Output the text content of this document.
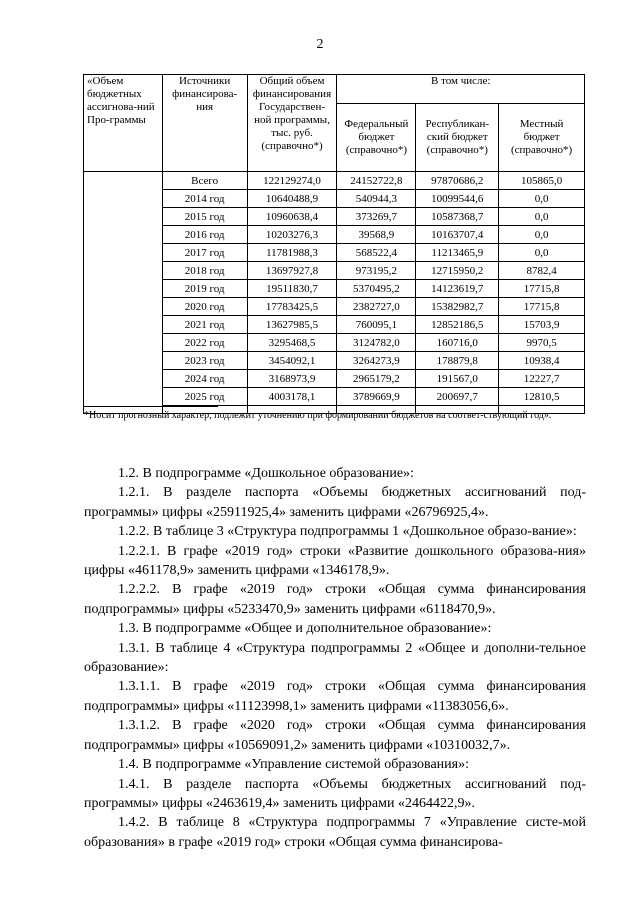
2
«Объем бюджетных ассигнова-ний Про-граммы	Источники финансирова-ния	Общий объем финансирования Государствен-ной программы, тыс. руб. (справочно*)	В том числе:		
			Федеральный бюджет (справочно*)	Республикан-ский бюджет (справочно*)	Местный бюджет (справочно*)
	Всего	122129274,0	24152722,8	97870686,2	105865,0
	2014 год	10640488,9	540944,3	10099544,6	0,0
	2015 год	10960638,4	373269,7	10587368,7	0,0
	2016 год	10203276,3	39568,9	10163707,4	0,0
	2017 год	11781988,3	568522,4	11213465,9	0,0
	2018 год	13697927,8	973195,2	12715950,2	8782,4
	2019 год	19511830,7	5370495,2	14123619,7	17715,8
	2020 год	17783425,5	2382727,0	15382982,7	17715,8
	2021 год	13627985,5	760095,1	12852186,5	15703,9
	2022 год	3295468,5	3124782,0	160716,0	9970,5
	2023 год	3454092,1	3264273,9	178879,8	10938,4
	2024 год	3168973,9	2965179,2	191567,0	12227,7
	2025 год	4003178,1	3789669,9	200697,7	12810,5

*Носит прогнозный характер, подлежит уточнению при формировании бюджетов на соответ-ствующий год».

1.2. В подпрограмме «Дошкольное образование»:

1.2.1. В разделе паспорта «Объемы бюджетных ассигнований под-программы» цифры «25911925,4» заменить цифрами «26796925,4».

1.2.2. В таблице 3 «Структура подпрограммы 1 «Дошкольное образо-вание»:

1.2.2.1. В графе «2019 год» строки «Развитие дошкольного образова-ния» цифры «461178,9» заменить цифрами «1346178,9».

1.2.2.2. В графе «2019 год» строки «Общая сумма финансирования подпрограммы» цифры «5233470,9» заменить цифрами «6118470,9».

1.3. В подпрограмме «Общее и дополнительное образование»:

1.3.1. В таблице 4 «Структура подпрограммы 2 «Общее и дополни-тельное образование»:

1.3.1.1. В графе «2019 год» строки «Общая сумма финансирования подпрограммы» цифры «11123998,1» заменить цифрами «11383056,6».

1.3.1.2. В графе «2020 год» строки «Общая сумма финансирования подпрограммы» цифры «10569091,2» заменить цифрами «10310032,7».

1.4. В подпрограмме «Управление системой образования»:

1.4.1. В разделе паспорта «Объемы бюджетных ассигнований под-программы» цифры «2463619,4» заменить цифрами «2464422,9».

1.4.2. В таблице 8 «Структура подпрограммы 7 «Управление систе-мой образования» в графе «2019 год» строки «Общая сумма финансирова-
